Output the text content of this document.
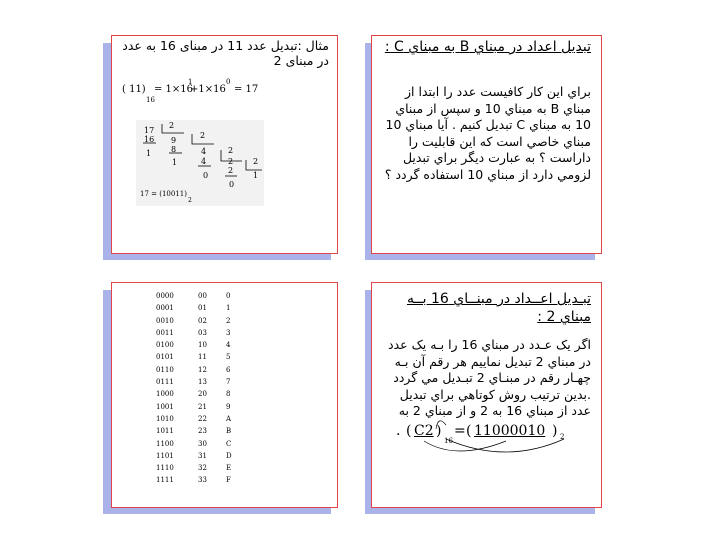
مثال :تبدیل عدد 11 در مبنای 16 به عدد در مبنای 2

( 11)
16
= 1×16
1
+1×16
0
= 17
17
2
16 9
1
2
8
1
4
4
2
0
2
2
2
0
1
17 = (10011)
2

تبدیل اعداد در مبناي B به مبناي C :

براي اين كار كافيست عدد را ابتدا از مبناي B به مبناي 10 و سپس از مبناي 10 به مبناي C تبديل كنيم . آيا مبناي 10 مبناي خاصي است كه اين قابليت را داراست ؟ به عبارت ديگر براي تبديل لزومي دارد از مبناي 10 استفاده گردد ؟

0000	00	0
0001	01	1
0010	02	2
0011	03	3
0100	10	4
0101	11	5
0110	12	6
0111	13	7
1000	20	8
1001	21	9
1010	22	A
1011	23	B
1100	30	C
1101	31	D
1110	32	E
1111	33	F

تبـديل اعــداد در مبنــاي 16 بــه مبناي 2 :

اگر يک عـدد در مبناي 16 را بـه يک عدد در مبناي 2 تبديل نماييم هر رقم آن بـه چهـار رقم در مبنـاي 2 تبـديل مي گردد .بدين ترتيب روش كوتاهي براي تبديل عدد از مبناي 16 به 2 و از مبناي 2 به

. ( C2 )
16
= ( 11000010 ) 2
